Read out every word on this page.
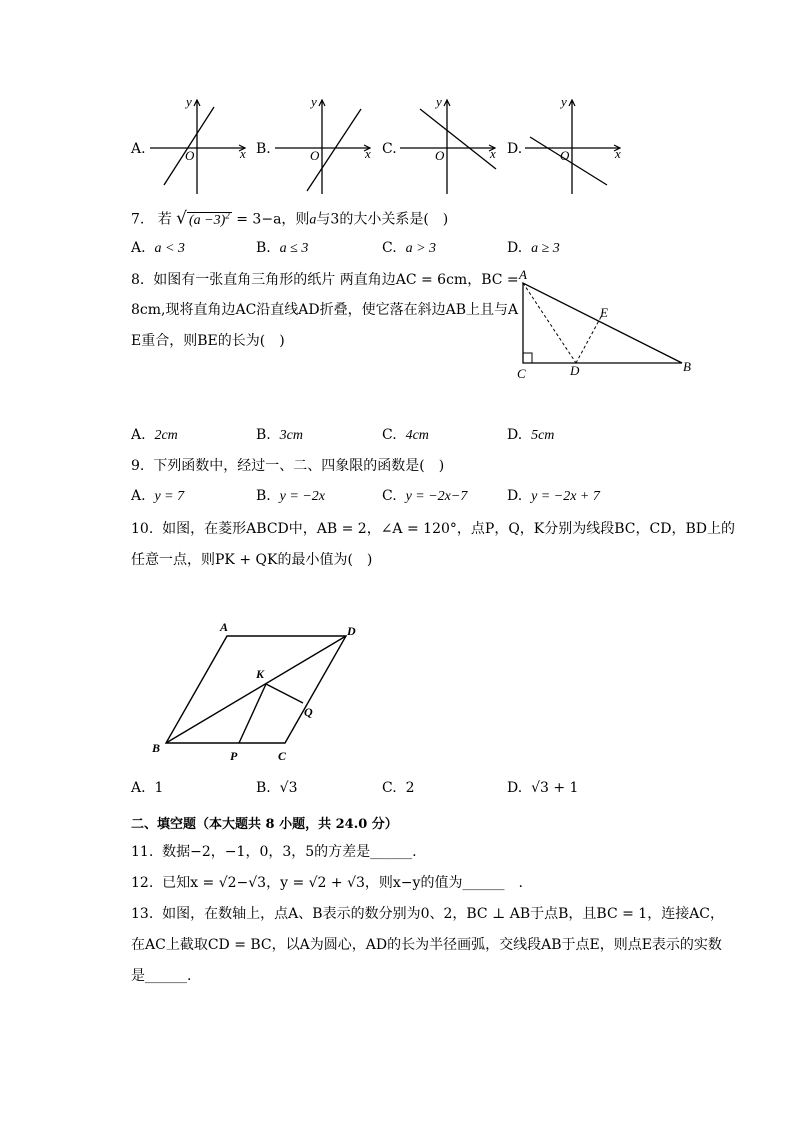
A.	O	x
y
B.	O	x
y
C.	O	x
y
D.	O	x
y
7. 若 √ $(a -3)^2 = 3-a$，则a与3的大小关系是(　)
A. a < 3	B. a ≤ 3	C. a > 3	D. a ≥ 3
8. 如图有一张直角三角形的纸片 两直角边AC = 6cm，BC =
8cm,现将直角边AC沿直线AD折叠，使它落在斜边AB上且与A
E重合，则BE的长为(　)
A
C	D	B
E
A. 2cm	B. 3cm	C. 4cm	D. 5cm
9. 下列函数中，经过一、二、四象限的函数是(　)
A. y = 7	B. y = −2x	C. y = −2x−7	D. y = −2x + 7
10. 如图，在菱形ABCD中，AB = 2，∠A = 120°，点P，Q，K分别为线段BC，CD，BD上的
任意一点，则PK + QK的最小值为(　)
A	D
K
Q
B
P	C
A. 1	B. √3	C. 2	D. √3 + 1
二、填空题（本大题共 8 小题，共 24.0 分）
11. 数据−2，−1，0，3，5的方差是______.
12. 已知x = √2−√3，y = √2 + √3，则x−y的值为______　.
13. 如图，在数轴上，点A、B表示的数分别为0、2，BC ⊥ AB于点B，且BC = 1，连接AC，
在AC上截取CD = BC，以A为圆心，AD的长为半径画弧，交线段AB于点E，则点E表示的实数
是______.
